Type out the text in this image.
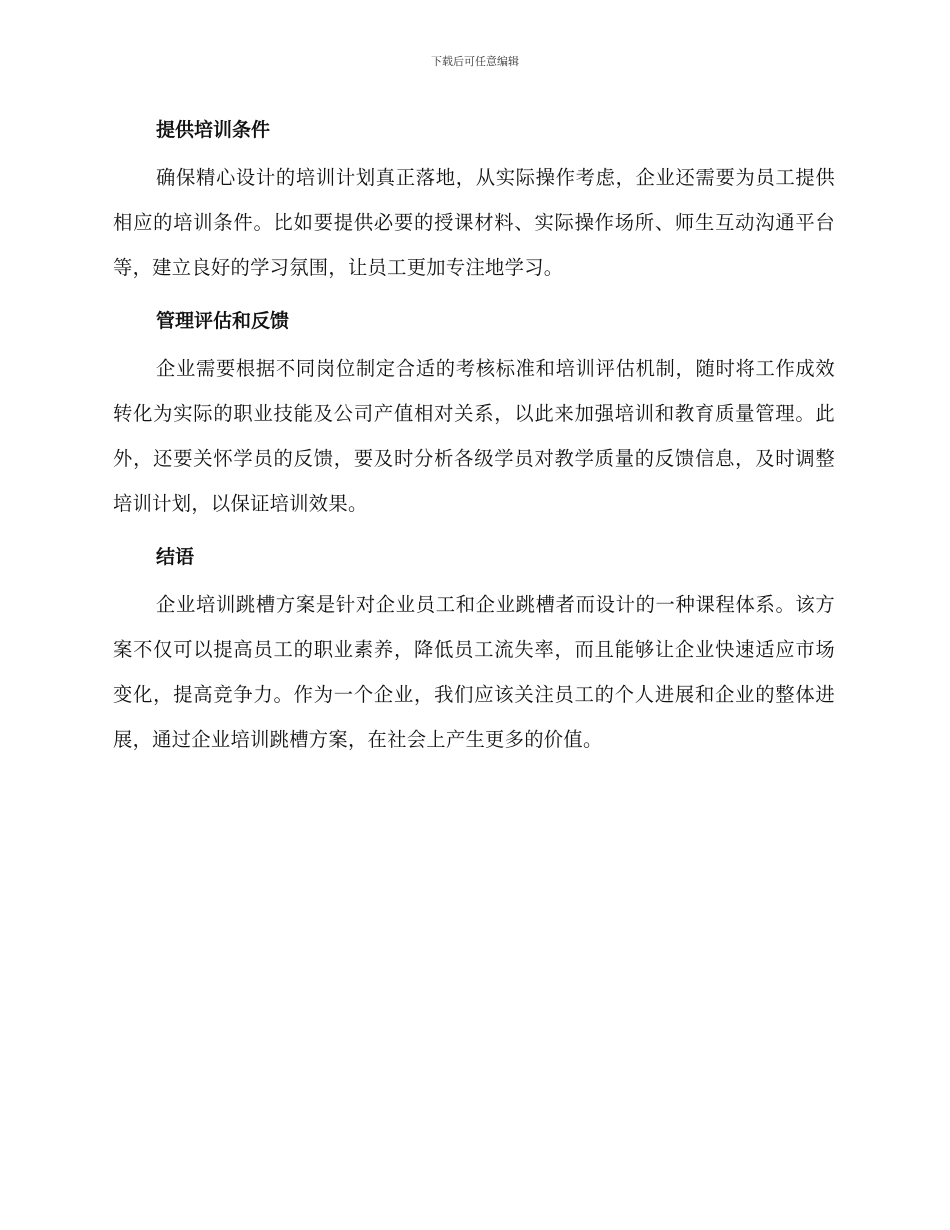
下载后可任意编辑
提供培训条件

确保精心设计的培训计划真正落地，从实际操作考虑，企业还需要为员工提供相应的培训条件。比如要提供必要的授课材料、实际操作场所、师生互动沟通平台等，建立良好的学习氛围，让员工更加专注地学习。

管理评估和反馈

企业需要根据不同岗位制定合适的考核标准和培训评估机制，随时将工作成效转化为实际的职业技能及公司产值相对关系，以此来加强培训和教育质量管理。此外，还要关怀学员的反馈，要及时分析各级学员对教学质量的反馈信息，及时调整培训计划，以保证培训效果。

结语

企业培训跳槽方案是针对企业员工和企业跳槽者而设计的一种课程体系。该方案不仅可以提高员工的职业素养，降低员工流失率，而且能够让企业快速适应市场变化，提高竞争力。作为一个企业，我们应该关注员工的个人进展和企业的整体进展，通过企业培训跳槽方案，在社会上产生更多的价值。
